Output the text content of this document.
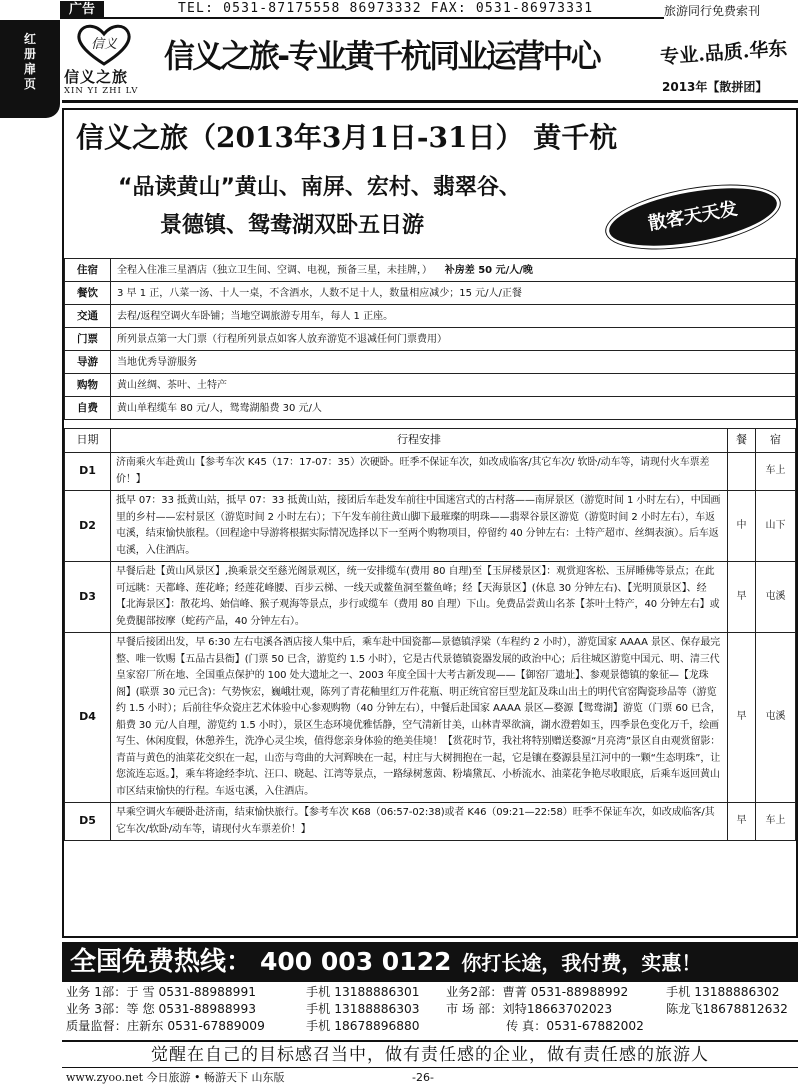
广告	TEL: 0531-87175558 86973332 FAX: 0531-86973331	旅游同行免费索刊
红
册
扉
页
信义
信义之旅
XIN YI ZHI LV
信义之旅-专业黄千杭同业运营中心	专业.品质.华东
2013年【散拼团】
信义之旅（2013年3月1日-31日） 黄千杭
“品读黄山”黄山、南屏、宏村、翡翠谷、
景德镇、鸳鸯湖双卧五日游	散客天天发
住宿	全程入住准三星酒店（独立卫生间、空调、电视，预备三星，未挂牌，） 补房差 50 元/人/晚
餐饮	3 早 1 正，八菜一汤、十人一桌，不含酒水，人数不足十人，数量相应减少；15 元/人/正餐
交通	去程/返程空调火车卧铺；当地空调旅游专用车，每人 1 正座。
门票	所列景点第一大门票（行程所列景点如客人放弃游览不退减任何门票费用）
导游	当地优秀导游服务
购物	黄山丝绸、茶叶、土特产
自费	黄山单程缆车 80 元/人，鸳鸯湖船费 30 元/人
日期	行程安排	餐	宿
D1	济南乘火车赴黄山【参考车次 K45（17：17-07：35）次硬卧。旺季不保证车次，如改成临客/其它车次/ 软卧/动车等，请现付火车票差价！】		车上
D2	抵早 07：33 抵黄山站，抵早 07：33 抵黄山站，接团后车赴发车前往中国迷宫式的古村落——南屏景区（游览时间 1 小时左右），中国画里的乡村——宏村景区（游览时间 2 小时左右）；下午发车前往黄山脚下最璀璨的明珠——翡翠谷景区游览（游览时间 2 小时左右），车返屯溪，结束愉快旅程。（回程途中导游将根据实际情况选择以下一至两个购物项目，停留约 40 分钟左右：土特产超市、丝绸表演）。后车返屯溪，入住酒店。	中	山下
D3	早餐后赴【黄山风景区】,换乘景交至慈光阁景观区，统一安排缆车(费用 80 自理)至【玉屏楼景区】：观赏迎客松、玉屏睡佛等景点；在此可远眺：天都峰、莲花峰；经莲花峰腰、百步云梯、一线天或鳌鱼洞至鳌鱼峰；经【天海景区】(休息 30 分钟左右)、【光明顶景区】、经【北海景区】：散花坞、始信峰、猴子观海等景点，步行或缆车（费用 80 自理）下山。免费品尝黄山名茶【茶叶土特产，40 分钟左右】或免费腿部按摩（蛇药产品，40 分钟左右）。	早	屯溪
D4	早餐后接团出发，早 6:30 左右屯溪各酒店接人集中后，乘车赴中国瓷都—景德镇浮梁（车程约 2 小时），游览国家 AAAA 景区、保存最完整、唯一钦赐【五品古县衙】(门票 50 已含，游览约 1.5 小时），它是古代景德镇瓷器发展的政治中心；后往城区游览中国元、明、清三代皇家窑厂所在地、全国重点保护的 100 处大遗址之一、2003 年度全国十大考古新发现——【御窑厂遗址】、参观景德镇的象征—【龙珠阁】(联票 30 元已含)：气势恢宏，巍峨壮观，陈列了青花釉里红万件花瓶、明正统官窑巨型龙缸及珠山出土的明代官窑陶瓷珍品等（游览约 1.5 小时）；后前往华众瓷庄艺术体验中心参观购物（40 分钟左右），中餐后赴国家 AAAA 景区—婺源【鸳鸯湖】游览（门票 60 已含，船费 30 元/人自理，游览约 1.5 小时），景区生态环境优雅恬静，空气清新甘美，山林青翠欲滴，湖水澄碧如玉，四季景色变化万千，绘画写生、休闲度假，休憩养生，洗净心灵尘埃，值得您亲身体验的绝美佳境！【赏花时节，我社将特别赠送婺源“月亮湾”景区自由观赏留影：青苗与黄色的油菜花交织在一起，山峦与弯曲的大河辉映在一起，村庄与大树拥抱在一起，它是镶在婺源县星江河中的一颗“生态明珠”，让您流连忘返。】，乘车将途经李坑、汪口、晓起、江湾等景点，一路绿树葱茵、粉墙黛瓦、小桥流水、油菜花争艳尽收眼底，后乘车返回黄山市区结束愉快的行程。车返屯溪，入住酒店。	早	屯溪
D5	早乘空调火车硬卧赴济南，结束愉快旅行。【参考车次 K68（06:57-02:38)或者 K46（09:21—22:58）旺季不保证车次，如改成临客/其它车次/软卧/动车等，请现付火车票差价！】	早	车上
全国免费热线： 400 003 0122 你打长途，我付费，实惠！
业务 1部：于 雪 0531-88988991	手机 13188886301	业务2部：曹菁 0531-88988992	手机 13188886302
业务 3部：等 您 0531-88988993	手机 13188886303	市 场 部：刘特18663702023	陈龙飞18678812632
质量监督：庄新东 0531-67889009	手机 18678896880	传 真：0531-67882002
觉醒在自己的目标感召当中，做有责任感的企业，做有责任感的旅游人
www.zyoo.net 今日旅游 • 畅游天下 山东版	-26-
